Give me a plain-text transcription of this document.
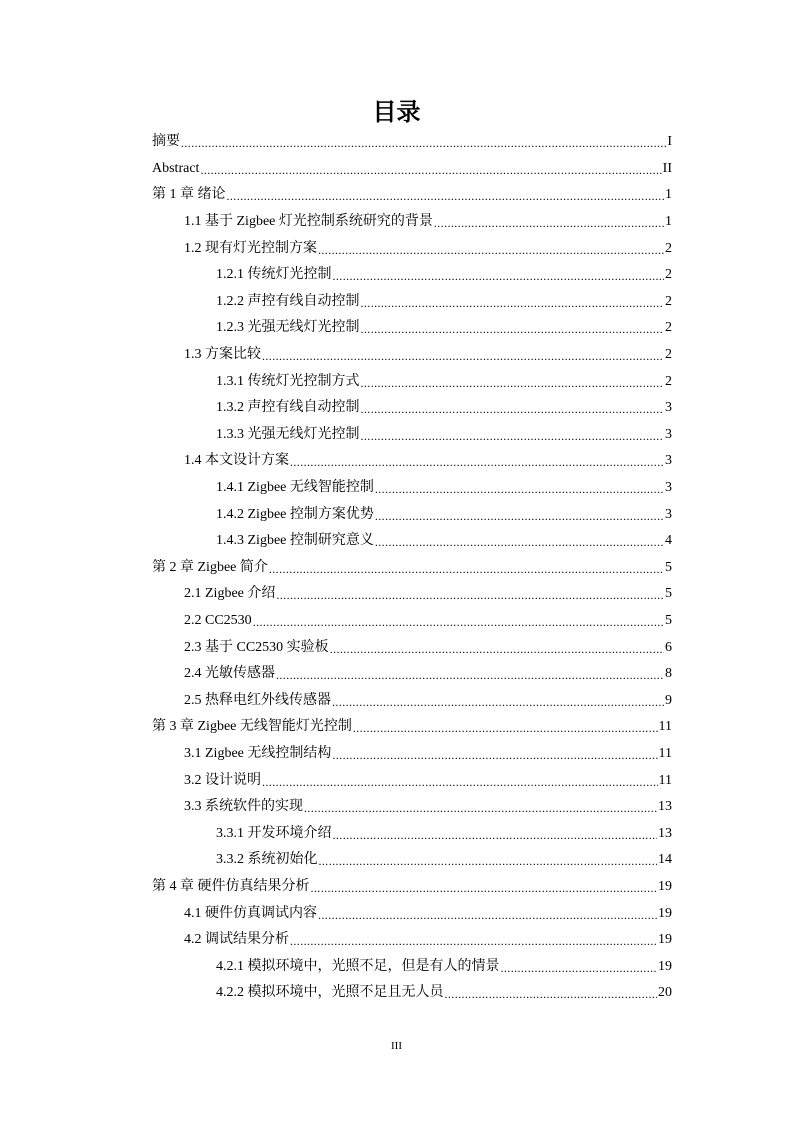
目录
摘要 .....	I
Abstract .....	II
第 1 章 绪论 .....	1
1.1 基于 Zigbee 灯光控制系统研究的背景 .....	1
1.2 现有灯光控制方案 .....	2
1.2.1 传统灯光控制 .....	2
1.2.2 声控有线自动控制 .....	2
1.2.3 光强无线灯光控制 .....	2
1.3 方案比较 .....	2
1.3.1 传统灯光控制方式 .....	2
1.3.2 声控有线自动控制 .....	3
1.3.3 光强无线灯光控制 .....	3
1.4 本文设计方案 .....	3
1.4.1 Zigbee 无线智能控制 .....	3
1.4.2 Zigbee 控制方案优势 .....	3
1.4.3 Zigbee 控制研究意义 .....	4
第 2 章 Zigbee 简介 .....	5
2.1 Zigbee 介绍 .....	5
2.2 CC2530 .....	5
2.3 基于 CC2530 实验板 .....	6
2.4 光敏传感器 .....	8
2.5 热释电红外线传感器 .....	9
第 3 章 Zigbee 无线智能灯光控制 .....	11
3.1 Zigbee 无线控制结构 .....	11
3.2 设计说明 .....	11
3.3 系统软件的实现 .....	13
3.3.1 开发环境介绍 .....	13
3.3.2 系统初始化 .....	14
第 4 章 硬件仿真结果分析 .....	19
4.1 硬件仿真调试内容 .....	19
4.2 调试结果分析 .....	19
4.2.1 模拟环境中，光照不足，但是有人的情景 .....	19
4.2.2 模拟环境中，光照不足且无人员 .....	20
III
